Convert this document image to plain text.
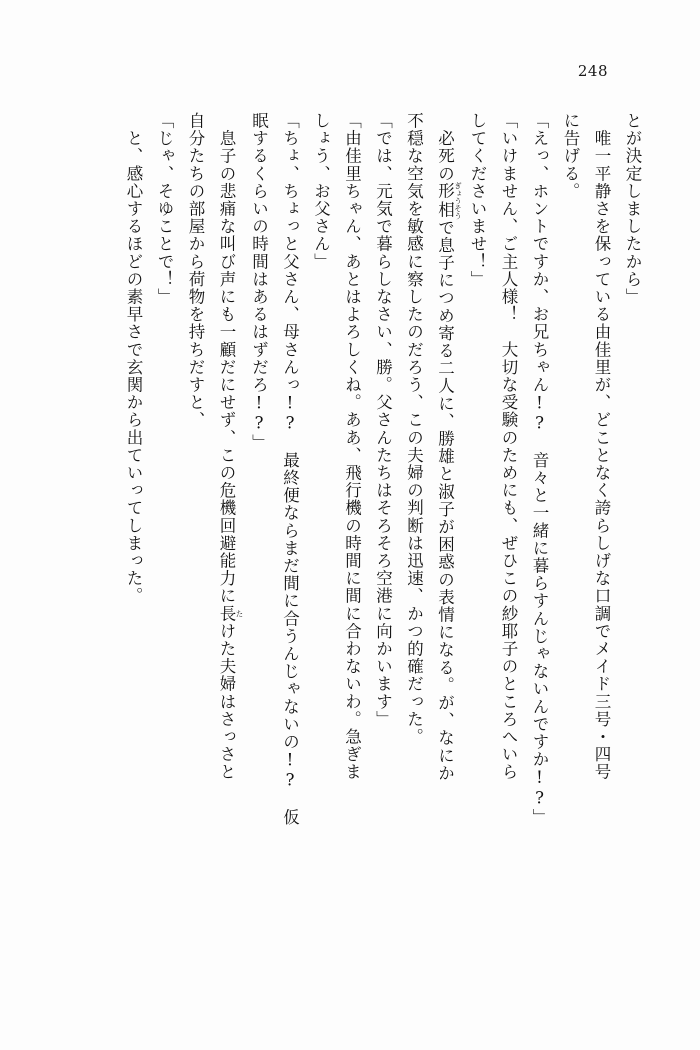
248

とが決定しましたから」

　唯一平静さを保っている由佳里が、どことなく誇らしげな口調でメイド三号・四号

に告げる。

「えっ、ホントですか、お兄ちゃん!?　音々と一緒に暮らすんじゃないんですか!?」

「いけません、ご主人様！　大切な受験のためにも、ぜひこの紗耶子のところへいら

してくださいませ！」

　必死の形相 ぎょうそうで息子につめ寄る二人に、勝雄と淑子が困惑の表情になる。が、なにか

不穏な空気を敏感に察したのだろう、この夫婦の判断は迅速、かつ的確だった。

「では、元気で暮らしなさい、勝。父さんたちはそろそろ空港に向かいます」

「由佳里ちゃん、あとはよろしくね。ああ、飛行機の時間に間に合わないわ。急ぎま

しょう、お父さん」

「ちょ、ちょっと父さん、母さんっ!?　最終便ならまだ間に合うんじゃないの!?　仮

眠するくらいの時間はあるはずだろ!?」

　息子の悲痛な叫び声にも一顧だにせず、この危機回避能力に長 たけた夫婦はさっさと

自分たちの部屋から荷物を持ちだすと、

「じゃ、そゆことで！」

　と、感心するほどの素早さで玄関から出ていってしまった。
